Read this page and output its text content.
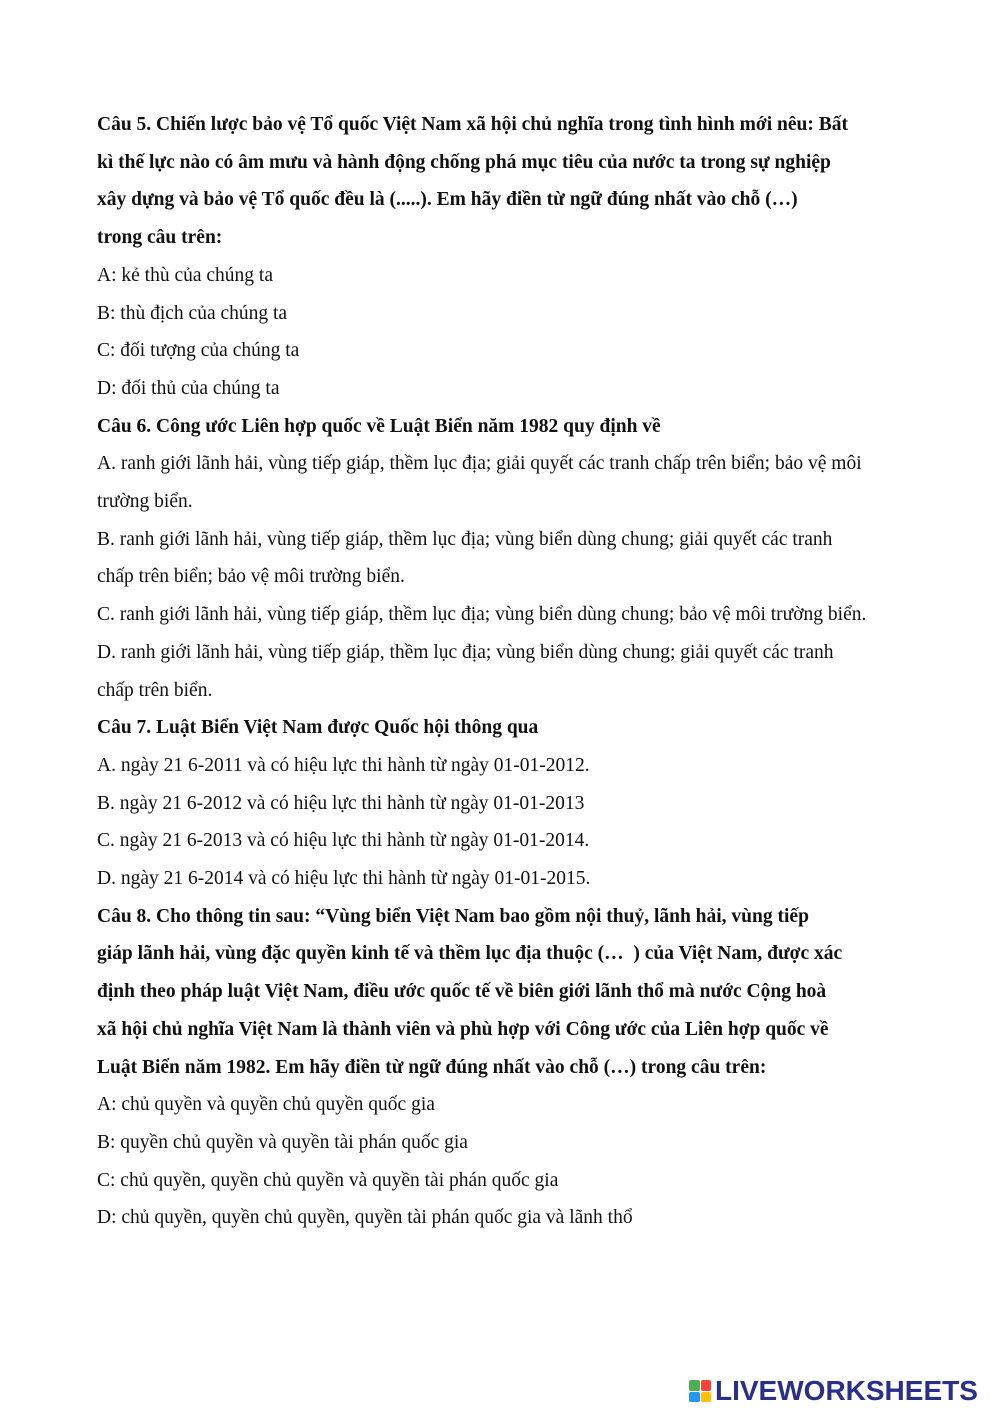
Câu 5. Chiến lược bảo vệ Tổ quốc Việt Nam xã hội chủ nghĩa trong tình hình mới nêu: Bất

kì thế lực nào có âm mưu và hành động chống phá mục tiêu của nước ta trong sự nghiệp

xây dựng và bảo vệ Tổ quốc đều là (.....). Em hãy điền từ ngữ đúng nhất vào chỗ (…)

trong câu trên:

A: kẻ thù của chúng ta

B: thù địch của chúng ta

C: đối tượng của chúng ta

D: đối thủ của chúng ta

Câu 6. Công ước Liên hợp quốc về Luật Biển năm 1982 quy định về

A. ranh giới lãnh hải, vùng tiếp giáp, thềm lục địa; giải quyết các tranh chấp trên biển; bảo vệ môi

trường biển.

B. ranh giới lãnh hải, vùng tiếp giáp, thềm lục địa; vùng biển dùng chung; giải quyết các tranh

chấp trên biển; bảo vệ môi trường biển.

C. ranh giới lãnh hải, vùng tiếp giáp, thềm lục địa; vùng biển dùng chung; bảo vệ môi trường biển.

D. ranh giới lãnh hải, vùng tiếp giáp, thềm lục địa; vùng biển dùng chung; giải quyết các tranh

chấp trên biển.

Câu 7. Luật Biển Việt Nam được Quốc hội thông qua

A. ngày 21 6-2011 và có hiệu lực thi hành từ ngày 01-01-2012.

B. ngày 21 6-2012 và có hiệu lực thi hành từ ngày 01-01-2013

C. ngày 21 6-2013 và có hiệu lực thi hành từ ngày 01-01-2014.

D. ngày 21 6-2014 và có hiệu lực thi hành từ ngày 01-01-2015.

Câu 8. Cho thông tin sau: “Vùng biển Việt Nam bao gồm nội thuỷ, lãnh hải, vùng tiếp

giáp lãnh hải, vùng đặc quyền kinh tế và thềm lục địa thuộc (…  ) của Việt Nam, được xác

định theo pháp luật Việt Nam, điều ước quốc tế về biên giới lãnh thổ mà nước Cộng hoà

xã hội chủ nghĩa Việt Nam là thành viên và phù hợp với Công ước của Liên hợp quốc về

Luật Biển năm 1982. Em hãy điền từ ngữ đúng nhất vào chỗ (…) trong câu trên:

A: chủ quyền và quyền chủ quyền quốc gia

B: quyền chủ quyền và quyền tài phán quốc gia

C: chủ quyền, quyền chủ quyền và quyền tài phán quốc gia

D: chủ quyền, quyền chủ quyền, quyền tài phán quốc gia và lãnh thổ

LIVEWORKSHEETS
